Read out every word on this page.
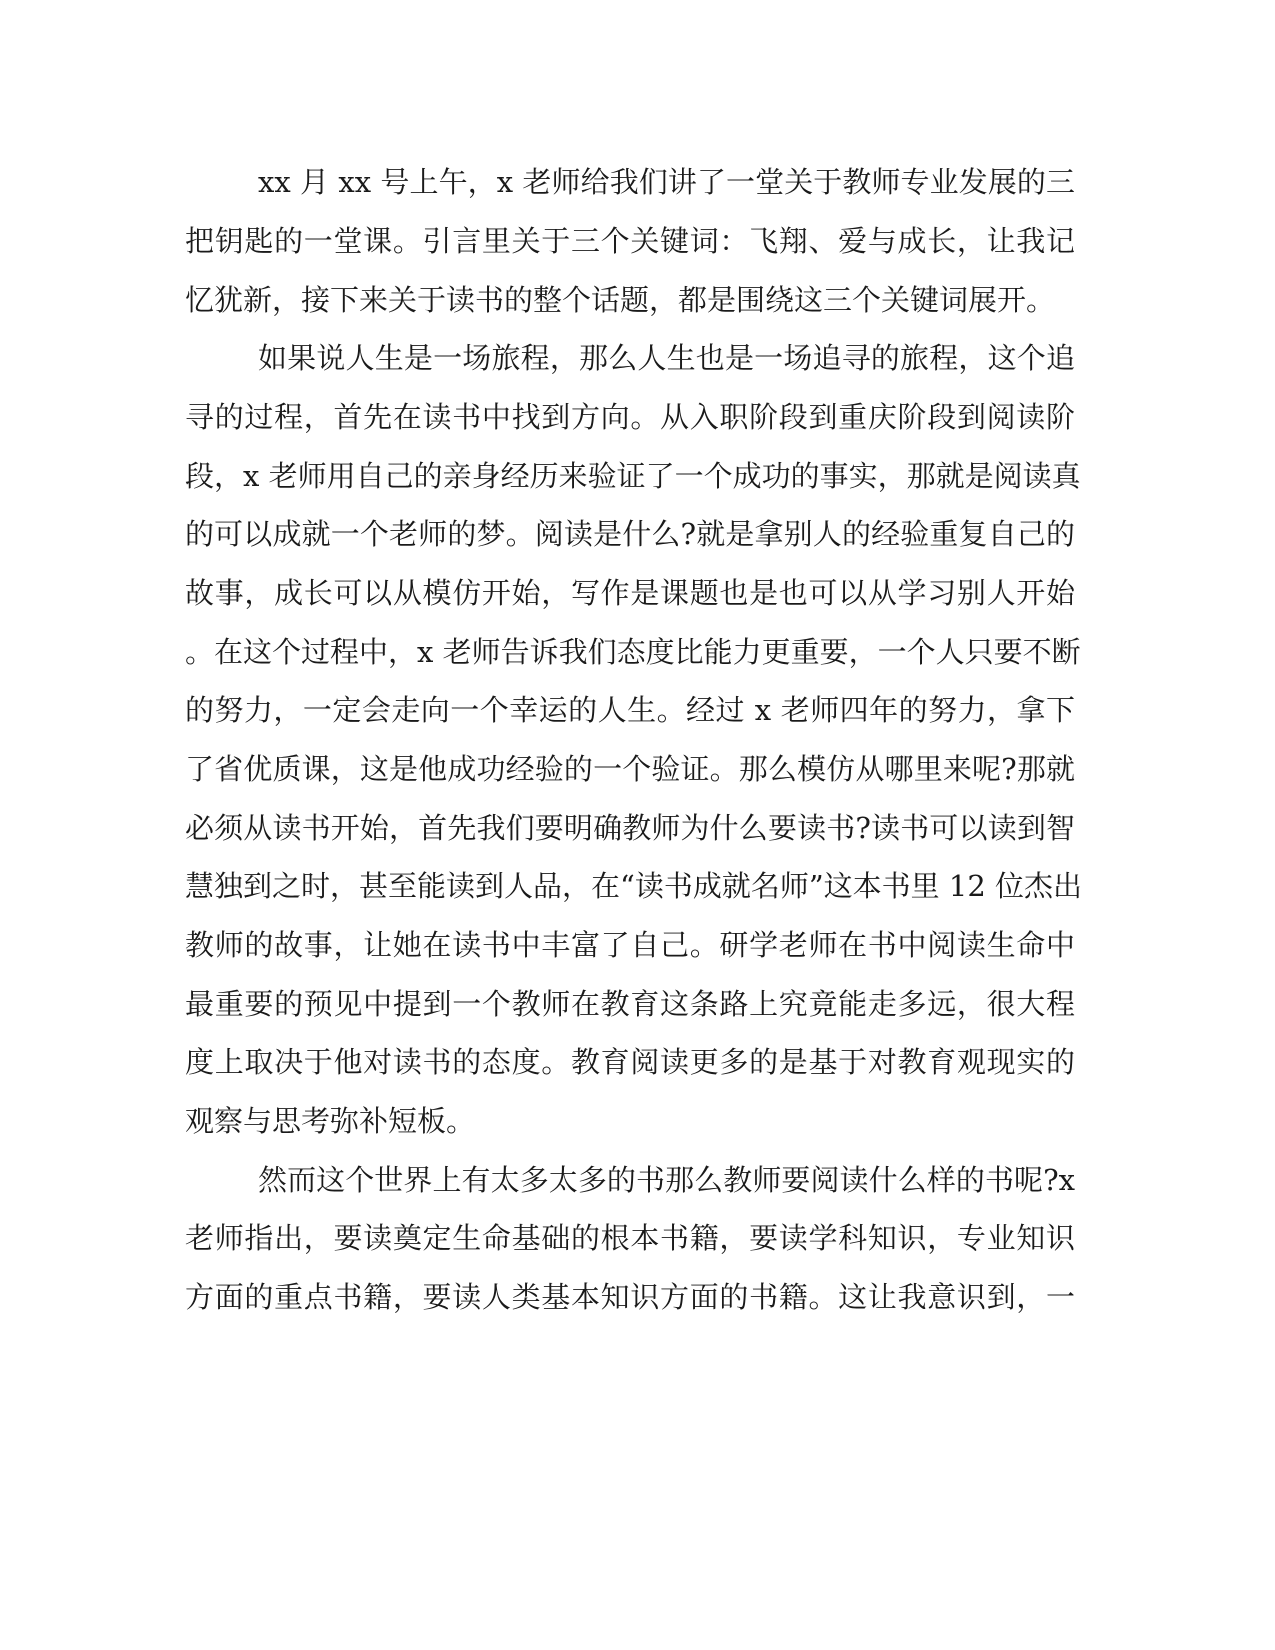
xx 月 xx 号上午，x 老师给我们讲了一堂关于教师专业发展的三
把钥匙的一堂课。引言里关于三个关键词：飞翔、爱与成长，让我记
忆犹新，接下来关于读书的整个话题，都是围绕这三个关键词展开。
如果说人生是一场旅程，那么人生也是一场追寻的旅程，这个追
寻的过程，首先在读书中找到方向。从入职阶段到重庆阶段到阅读阶
段，x 老师用自己的亲身经历来验证了一个成功的事实，那就是阅读真
的可以成就一个老师的梦。阅读是什么?就是拿别人的经验重复自己的
故事，成长可以从模仿开始，写作是课题也是也可以从学习别人开始
。在这个过程中，x 老师告诉我们态度比能力更重要，一个人只要不断
的努力，一定会走向一个幸运的人生。经过 x 老师四年的努力，拿下
了省优质课，这是他成功经验的一个验证。那么模仿从哪里来呢?那就
必须从读书开始，首先我们要明确教师为什么要读书?读书可以读到智
慧独到之时，甚至能读到人品，在“读书成就名师”这本书里 12 位杰出
教师的故事，让她在读书中丰富了自己。研学老师在书中阅读生命中
最重要的预见中提到一个教师在教育这条路上究竟能走多远，很大程
度上取决于他对读书的态度。教育阅读更多的是基于对教育观现实的
观察与思考弥补短板。
然而这个世界上有太多太多的书那么教师要阅读什么样的书呢?x
老师指出，要读奠定生命基础的根本书籍，要读学科知识，专业知识
方面的重点书籍，要读人类基本知识方面的书籍。这让我意识到，一
